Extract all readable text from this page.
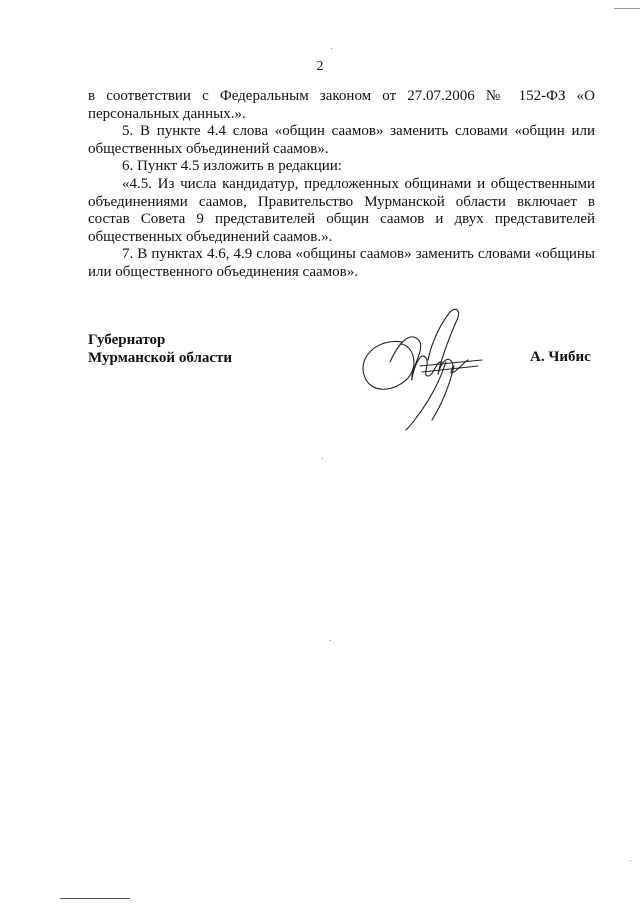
2

в соответствии с Федеральным законом от 27.07.2006 № 152-ФЗ «О персональных данных.».

5. В пункте 4.4 слова «общин саамов» заменить словами «общин или общественных объединений саамов».

6. Пункт 4.5 изложить в редакции:

«4.5. Из числа кандидатур, предложенных общинами и общественными объединениями саамов, Правительство Мурманской области включает в состав Совета 9 представителей общин саамов и двух представителей общественных объединений саамов.».

7. В пунктах 4.6, 4.9 слова «общины саамов» заменить словами «общины или общественного объединения саамов».

Губернатор
Мурманской области	А. Чибис
